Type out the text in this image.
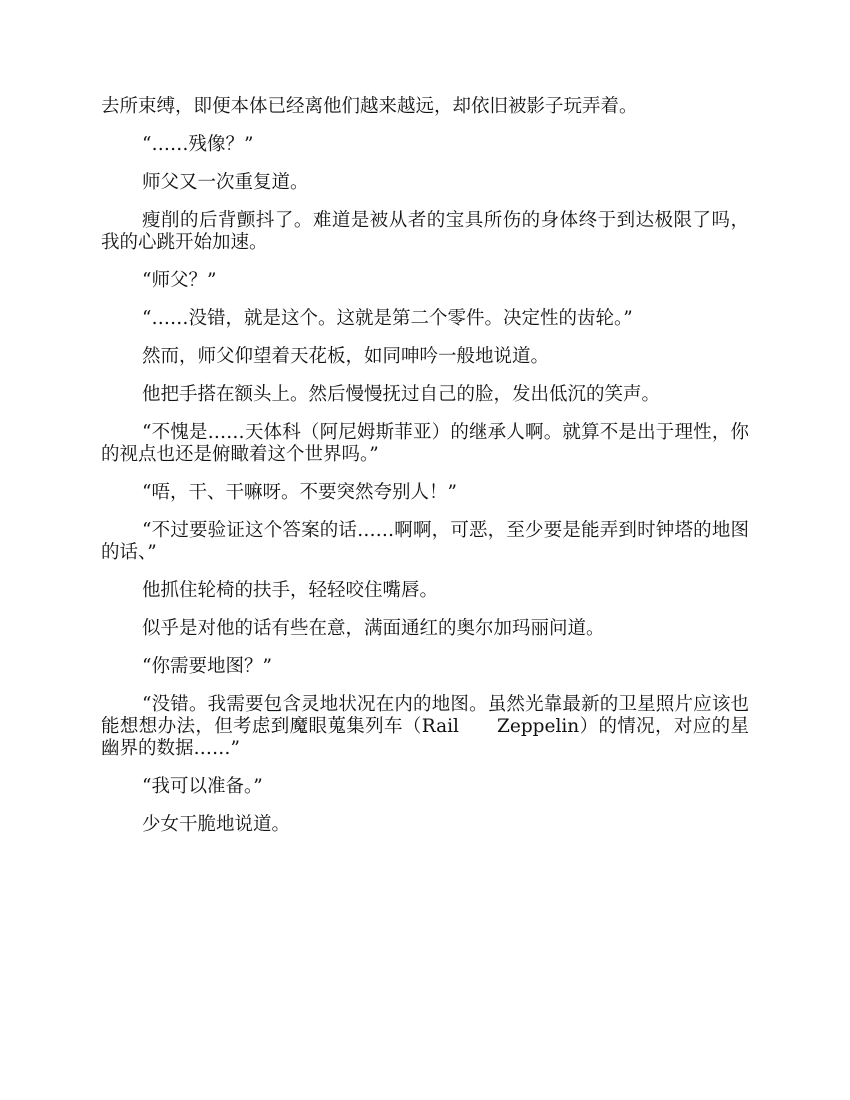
去所束缚，即便本体已经离他们越来越远，却依旧被影子玩弄着。

“……残像？”

师父又一次重复道。

瘦削的后背颤抖了。难道是被从者的宝具所伤的身体终于到达极限了吗，我的心跳开始加速。

“师父？”

“……没错，就是这个。这就是第二个零件。决定性的齿轮。”

然而，师父仰望着天花板，如同呻吟一般地说道。

他把手搭在额头上。然后慢慢抚过自己的脸，发出低沉的笑声。

“不愧是……天体科（阿尼姆斯菲亚）的继承人啊。就算不是出于理性，你的视点也还是俯瞰着这个世界吗。”

“唔，干、干嘛呀。不要突然夸别人！”

“不过要验证这个答案的话……啊啊，可恶，至少要是能弄到时钟塔的地图的话、”

他抓住轮椅的扶手，轻轻咬住嘴唇。

似乎是对他的话有些在意，满面通红的奥尔加玛丽问道。

“你需要地图？”

“没错。我需要包含灵地状况在内的地图。虽然光靠最新的卫星照片应该也能想想办法，但考虑到魔眼蒐集列车（Rail　　Zeppelin）的情况，对应的星幽界的数据……”

“我可以准备。”

少女干脆地说道。
